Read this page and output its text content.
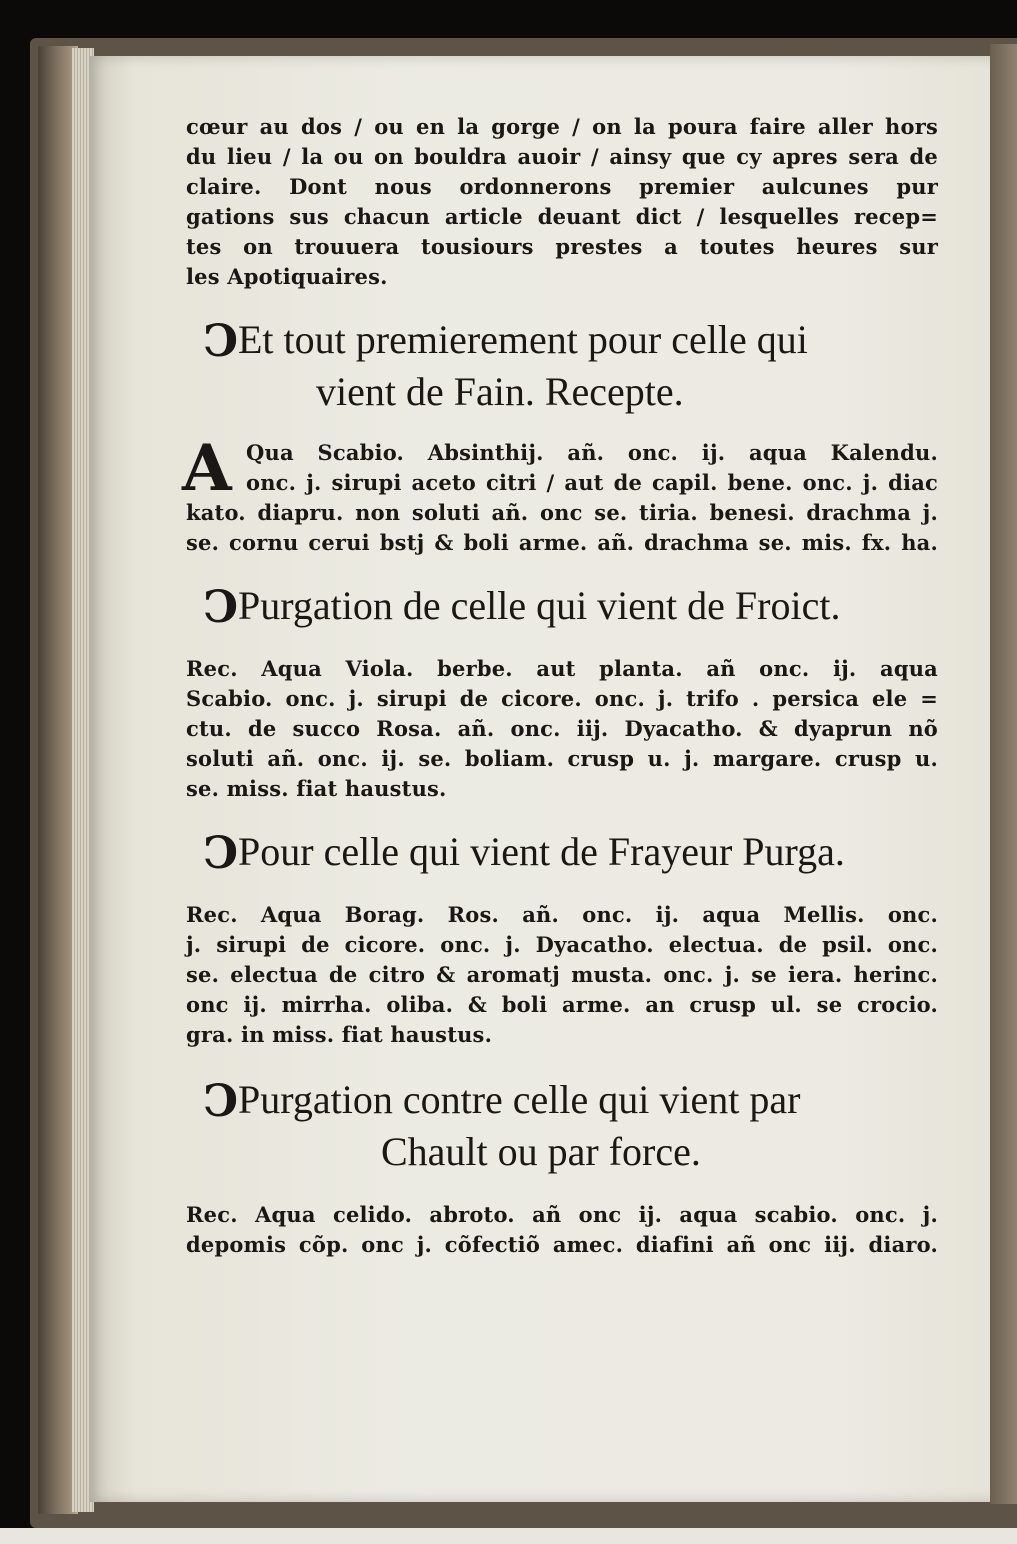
cœur au dos / ou en la gorge / on la poura faire aller hors
du lieu / la ou on bouldra auoir / ainsy que cy apres sera de
claire. Dont nous ordonnerons premier aulcunes pur
gations sus chacun article deuant dict / lesquelles recep=
tes on trouuera tousiours prestes a toutes heures sur
les Apotiquaires.
CEt tout premierement pour celle qui
vient de Fain. Recepte.
A Qua Scabio. Absinthij. añ. onc. ij. aqua Kalendu.
onc. j. sirupi aceto citri / aut de capil. bene. onc. j. diac
kato. diapru. non soluti añ. onc se. tiria. benesi. drachma j.
se. cornu cerui bstj & boli arme. añ. drachma se. mis. fx. ha.
CPurgation de celle qui vient de Froict.
Rec. Aqua Viola. berbe. aut planta. añ onc. ij. aqua
Scabio. onc. j. sirupi de cicore. onc. j. trifo . persica ele =
ctu. de succo Rosa. añ. onc. iij. Dyacatho. & dyaprun nõ
soluti añ. onc. ij. se. boliam. crusp u. j. margare. crusp u.
se. miss. fiat haustus.
CPour celle qui vient de Frayeur Purga.
Rec. Aqua Borag. Ros. añ. onc. ij. aqua Mellis. onc.
j. sirupi de cicore. onc. j. Dyacatho. electua. de psil. onc.
se. electua de citro & aromatj musta. onc. j. se iera. herinc.
onc ij. mirrha. oliba. & boli arme. an crusp ul. se crocio.
gra. in miss. fiat haustus.
CPurgation contre celle qui vient par
Chault ou par force.
Rec. Aqua celido. abroto. añ onc ij. aqua scabio. onc. j.
depomis cõp. onc j. cõfectiõ amec. diafini añ onc iij. diaro.
